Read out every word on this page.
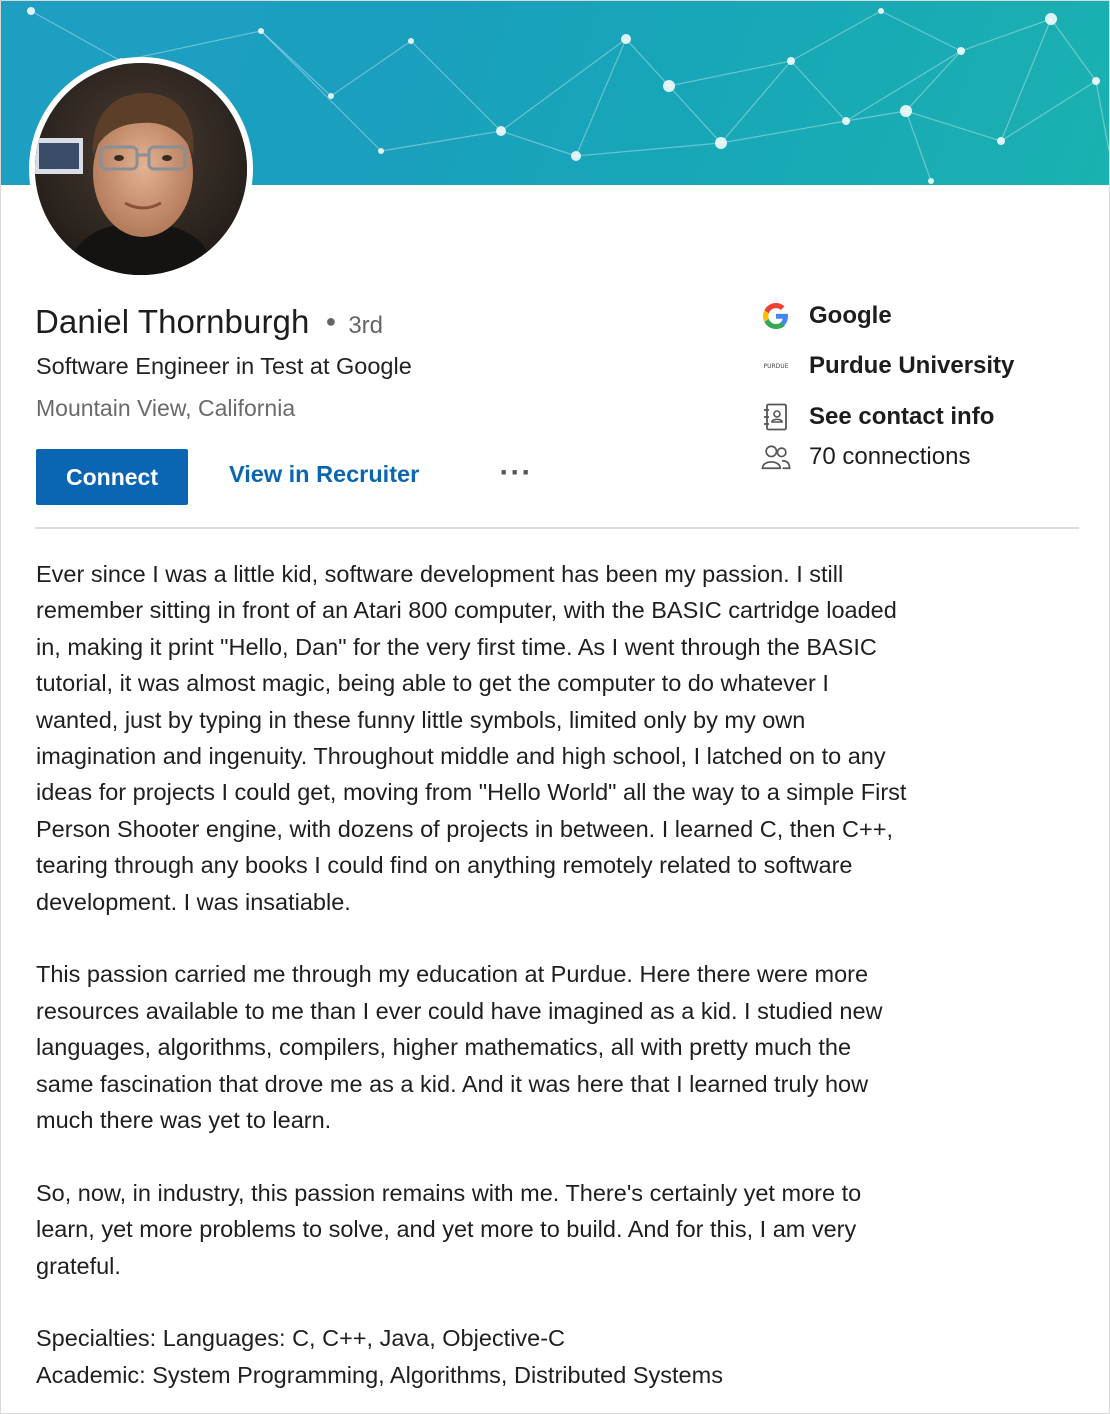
Daniel Thornburgh ● 3rd
Software Engineer in Test at Google
Mountain View, California
Connect	View in Recruiter	···
Google
PURDUE Purdue University
See contact info
70 connections

Ever since I was a little kid, software development has been my passion. I still
remember sitting in front of an Atari 800 computer, with the BASIC cartridge loaded
in, making it print "Hello, Dan" for the very first time. As I went through the BASIC
tutorial, it was almost magic, being able to get the computer to do whatever I
wanted, just by typing in these funny little symbols, limited only by my own
imagination and ingenuity. Throughout middle and high school, I latched on to any
ideas for projects I could get, moving from "Hello World" all the way to a simple First
Person Shooter engine, with dozens of projects in between. I learned C, then C++,
tearing through any books I could find on anything remotely related to software
development. I was insatiable.

This passion carried me through my education at Purdue. Here there were more
resources available to me than I ever could have imagined as a kid. I studied new
languages, algorithms, compilers, higher mathematics, all with pretty much the
same fascination that drove me as a kid. And it was here that I learned truly how
much there was yet to learn.

So, now, in industry, this passion remains with me. There's certainly yet more to
learn, yet more problems to solve, and yet more to build. And for this, I am very
grateful.

Specialties: Languages: C, C++, Java, Objective-C
Academic: System Programming, Algorithms, Distributed Systems
